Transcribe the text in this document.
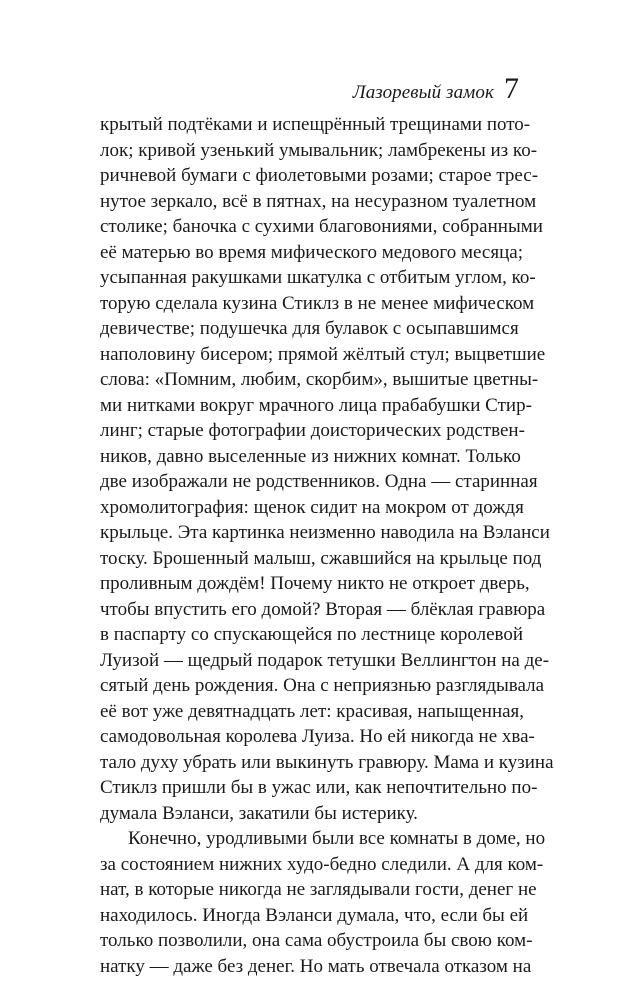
Лазоревый замок 7
крытый подтёками и испещрённый трещинами пото-
лок; кривой узенький умывальник; ламбрекены из ко-
ричневой бумаги с фиолетовыми розами; старое трес-
нутое зеркало, всё в пятнах, на несуразном туалетном
столике; баночка с сухими благовониями, собранными
её матерью во время мифического медового месяца;
усыпанная ракушками шкатулка с отбитым углом, ко-
торую сделала кузина Стиклз в не менее мифическом
девичестве; подушечка для булавок с осыпавшимся
наполовину бисером; прямой жёлтый стул; выцветшие
слова: «Помним, любим, скорбим», вышитые цветны-
ми нитками вокруг мрачного лица прабабушки Стир-
линг; старые фотографии доисторических родствен-
ников, давно выселенные из нижних комнат. Только
две изображали не родственников. Одна — старинная
хромолитография: щенок сидит на мокром от дождя
крыльце. Эта картинка неизменно наводила на Вэланси
тоску. Брошенный малыш, сжавшийся на крыльце под
проливным дождём! Почему никто не откроет дверь,
чтобы впустить его домой? Вторая — блёклая гравюра
в паспарту со спускающейся по лестнице королевой
Луизой — щедрый подарок тетушки Веллингтон на де-
сятый день рождения. Она с неприязнью разглядывала
её вот уже девятнадцать лет: красивая, напыщенная,
самодовольная королева Луиза. Но ей никогда не хва-
тало духу убрать или выкинуть гравюру. Мама и кузина
Стиклз пришли бы в ужас или, как непочтительно по-
думала Вэланси, закатили бы истерику.
Конечно, уродливыми были все комнаты в доме, но
за состоянием нижних худо-бедно следили. А для ком-
нат, в которые никогда не заглядывали гости, денег не
находилось. Иногда Вэланси думала, что, если бы ей
только позволили, она сама обустроила бы свою ком-
натку — даже без денег. Но мать отвечала отказом на
